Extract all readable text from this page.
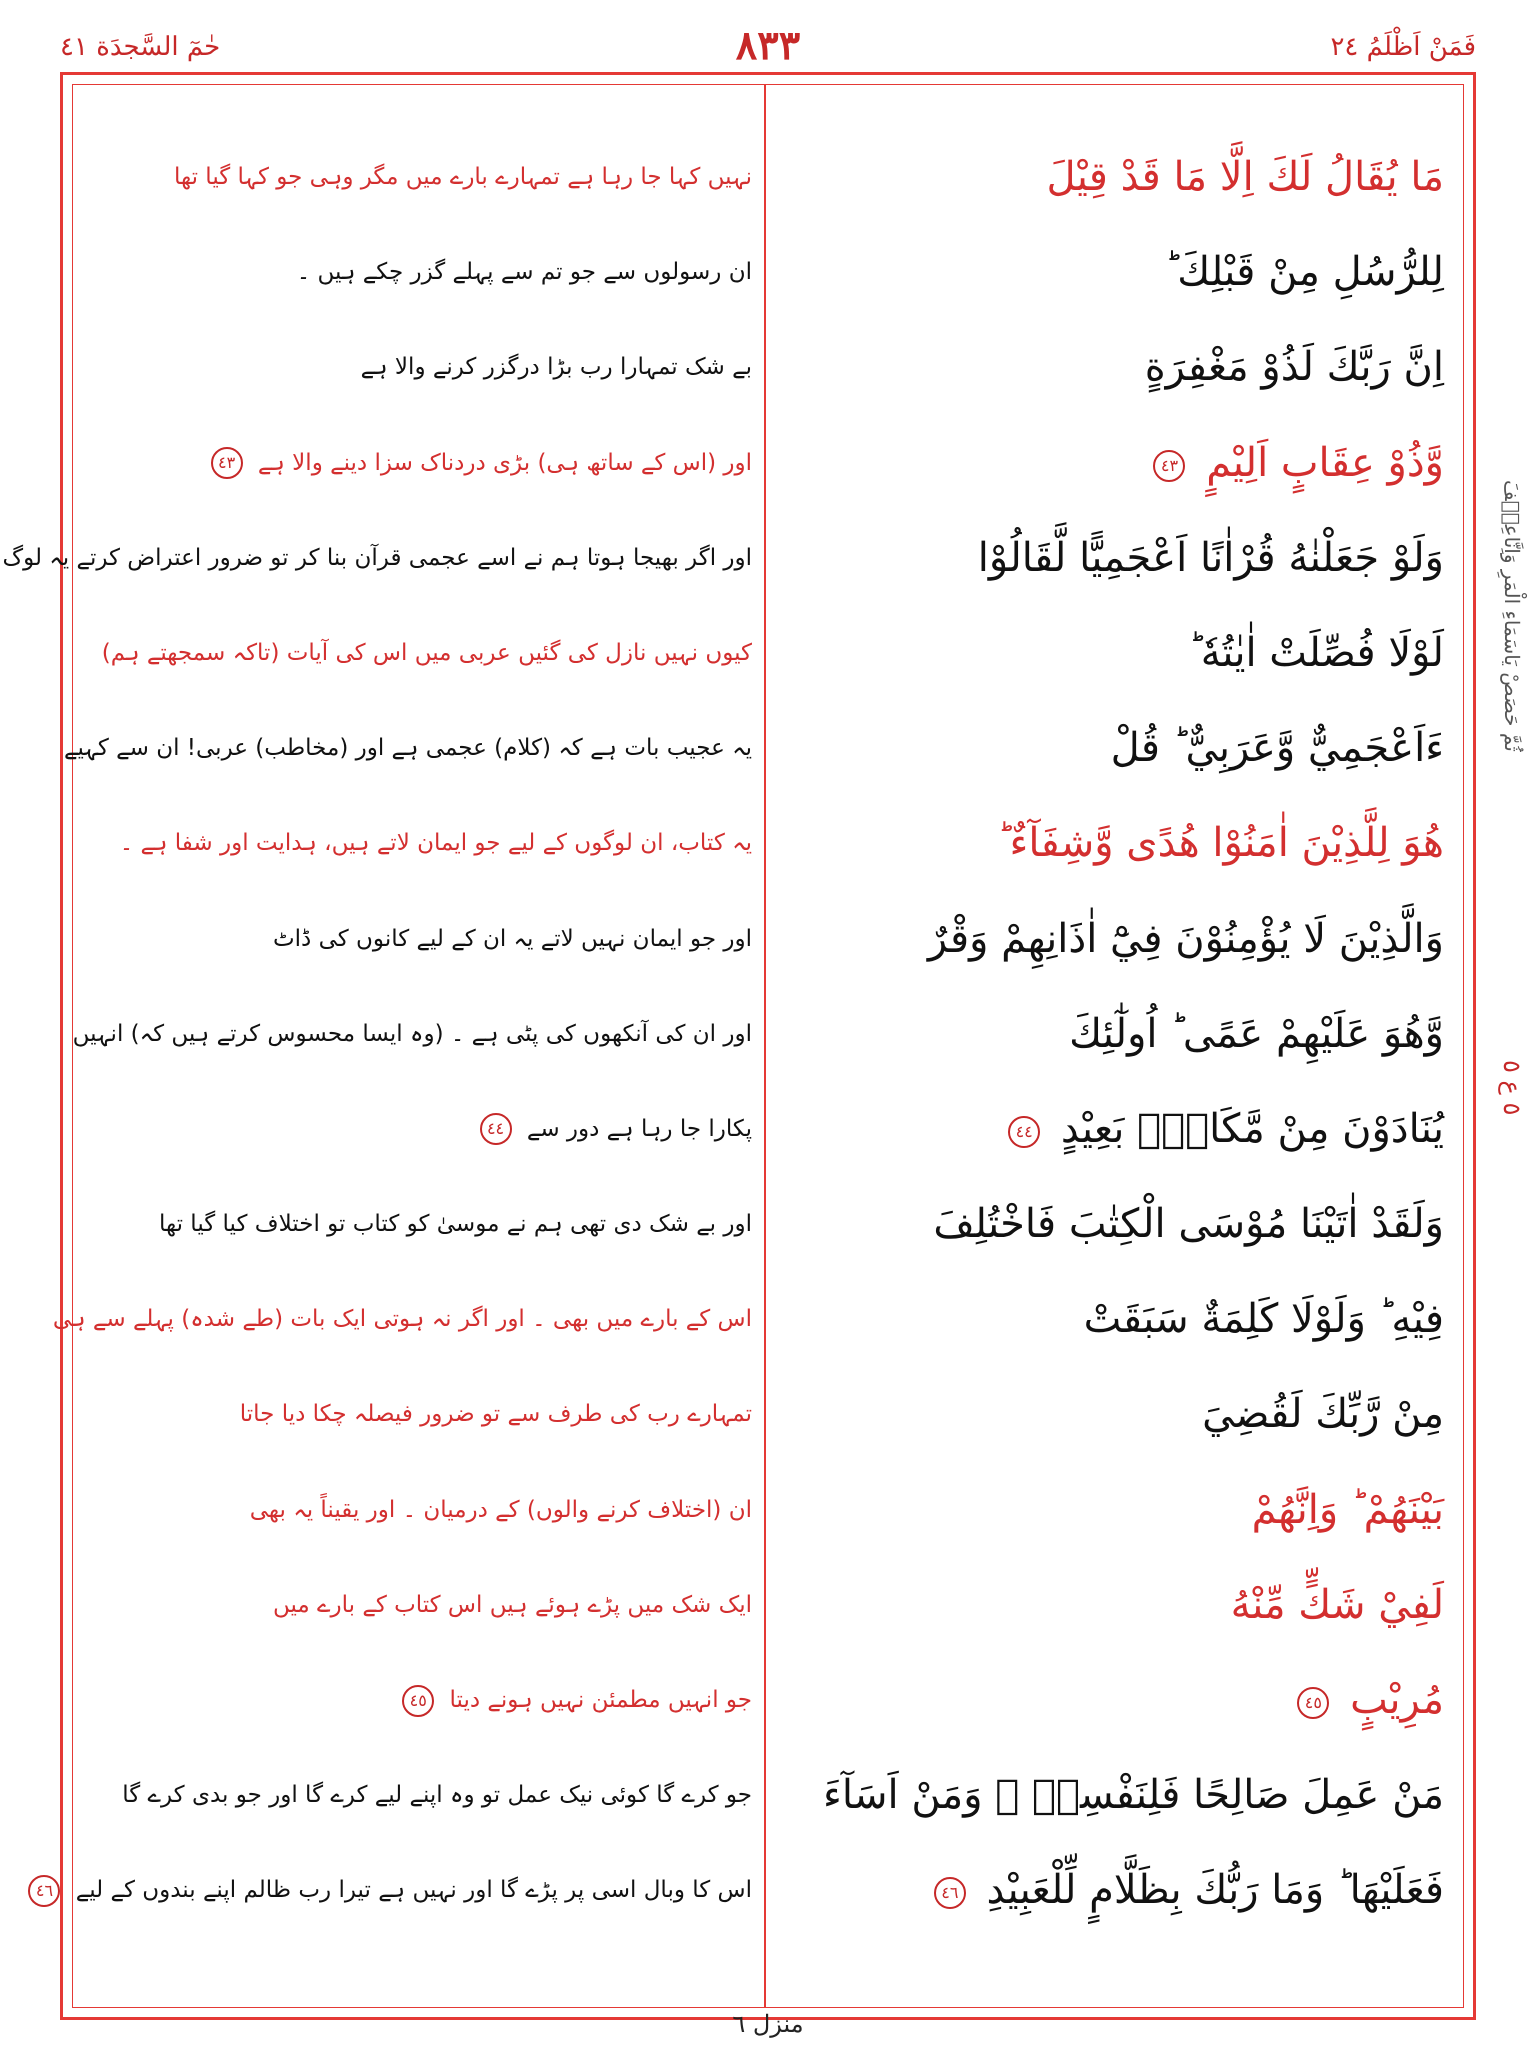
حٰمٓ السَّجدَة ٤١	٨٣٣	فَمَنْ اَظْلَمُ ٢٤
ثُمَّ حَصَصْ يَاسَمَاءِ الْمَرِ وَاِنَّاعِيۡفَ
٥ ع ٥
مَا يُقَالُ لَكَ اِلَّا مَا قَدْ قِيْلَ
نہیں کہا جا رہا ہے تمہارے بارے میں مگر وہی جو کہا گیا تھا
لِلرُّسُلِ مِنْ قَبْلِكَ ؕ
ان رسولوں سے جو تم سے پہلے گزر چکے ہیں ۔
اِنَّ رَبَّكَ لَذُوْ مَغْفِرَةٍ
بے شک تمہارا رب بڑا درگزر کرنے والا ہے
وَّذُوْ عِقَابٍ اَلِيْمٍ ٤٣
اور (اس کے ساتھ ہی) بڑی دردناک سزا دینے والا ہے ٤٣
وَلَوْ جَعَلْنٰهُ قُرْاٰنًا اَعْجَمِيًّا لَّقَالُوْا
اور اگر بھیجا ہوتا ہم نے اسے عجمی قرآن بنا کر تو ضرور اعتراض کرتے یہ لوگ
لَوْلَا فُصِّلَتْ اٰيٰتُهٗ ؕ
کیوں نہیں نازل کی گئیں عربی میں اس کی آیات (تاکہ سمجھتے ہم)
ءَاَعْجَمِيٌّ وَّعَرَبِيٌّ ؕ قُلْ
یہ عجیب بات ہے کہ (کلام) عجمی ہے اور (مخاطب) عربی! ان سے کہیے
هُوَ لِلَّذِيْنَ اٰمَنُوْا هُدًى وَّشِفَآءٌ ؕ
یہ کتاب، ان لوگوں کے لیے جو ایمان لاتے ہیں، ہدایت اور شفا ہے ۔
وَالَّذِيْنَ لَا يُؤْمِنُوْنَ فِيْٓ اٰذَانِهِمْ وَقْرٌ
اور جو ایمان نہیں لاتے یہ ان کے لیے کانوں کی ڈاٹ
وَّهُوَ عَلَيْهِمْ عَمًى ؕ اُولٰٓئِكَ
اور ان کی آنکھوں کی پٹی ہے ۔ (وہ ایسا محسوس کرتے ہیں کہ) انہیں
يُنَادَوْنَ مِنْ مَّكَانٍۢ بَعِيْدٍ ٤٤
پکارا جا رہا ہے دور سے ٤٤
وَلَقَدْ اٰتَيْنَا مُوْسَى الْكِتٰبَ فَاخْتُلِفَ
اور بے شک دی تھی ہم نے موسیٰ کو کتاب تو اختلاف کیا گیا تھا
فِيْهِ ؕ وَلَوْلَا كَلِمَةٌ سَبَقَتْ
اس کے بارے میں بھی ۔ اور اگر نہ ہوتی ایک بات (طے شدہ) پہلے سے ہی
مِنْ رَّبِّكَ لَقُضِيَ
تمہارے رب کی طرف سے تو ضرور فیصلہ چکا دیا جاتا
بَيْنَهُمْ ؕ وَاِنَّهُمْ
ان (اختلاف کرنے والوں) کے درمیان ۔ اور یقیناً یہ بھی
لَفِيْ شَكٍّ مِّنْهُ
ایک شک میں پڑے ہوئے ہیں اس کتاب کے بارے میں
مُرِيْبٍ ٤٥
جو انہیں مطمئن نہیں ہونے دیتا ٤٥
مَنْ عَمِلَ صَالِحًا فَلِنَفْسِهٖ ۚ وَمَنْ اَسَآءَ
جو کرے گا کوئی نیک عمل تو وہ اپنے لیے کرے گا اور جو بدی کرے گا
فَعَلَيْهَا ؕ وَمَا رَبُّكَ بِظَلَّامٍ لِّلْعَبِيْدِ ٤٦
اس کا وبال اسی پر پڑے گا اور نہیں ہے تیرا رب ظالم اپنے بندوں کے لیے ٤٦
منزل ٦
